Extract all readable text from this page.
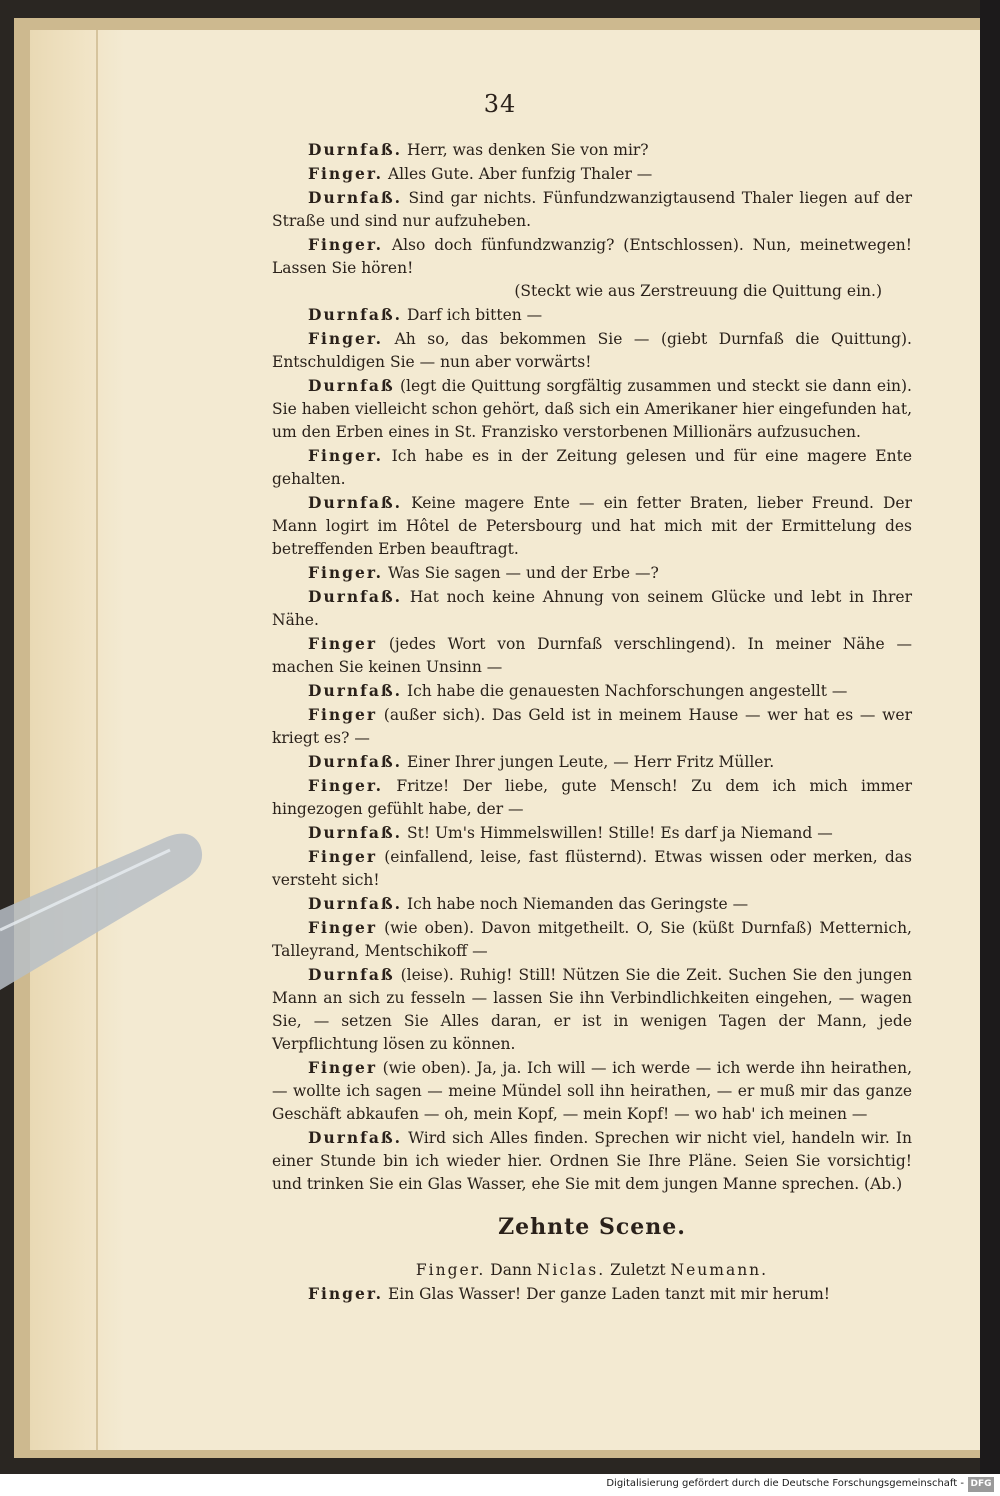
34

Durnfaß. Herr, was denken Sie von mir?

Finger. Alles Gute. Aber funfzig Thaler —

Durnfaß. Sind gar nichts. Fünfundzwanzigtausend Thaler liegen auf der Straße und sind nur aufzuheben.

Finger. Also doch fünfundzwanzig? (Entschlossen). Nun, meinetwegen! Lassen Sie hören!

(Steckt wie aus Zerstreuung die Quittung ein.)

Durnfaß. Darf ich bitten —

Finger. Ah so, das bekommen Sie — (giebt Durnfaß die Quittung). Entschuldigen Sie — nun aber vorwärts!

Durnfaß (legt die Quittung sorgfältig zusammen und steckt sie dann ein). Sie haben vielleicht schon gehört, daß sich ein Amerikaner hier eingefunden hat, um den Erben eines in St. Franzisko verstorbenen Millionärs aufzusuchen.

Finger. Ich habe es in der Zeitung gelesen und für eine magere Ente gehalten.

Durnfaß. Keine magere Ente — ein fetter Braten, lieber Freund. Der Mann logirt im Hôtel de Petersbourg und hat mich mit der Ermittelung des betreffenden Erben beauftragt.

Finger. Was Sie sagen — und der Erbe —?

Durnfaß. Hat noch keine Ahnung von seinem Glücke und lebt in Ihrer Nähe.

Finger (jedes Wort von Durnfaß verschlingend). In meiner Nähe — machen Sie keinen Unsinn —

Durnfaß. Ich habe die genauesten Nachforschungen angestellt —

Finger (außer sich). Das Geld ist in meinem Hause — wer hat es — wer kriegt es? —

Durnfaß. Einer Ihrer jungen Leute, — Herr Fritz Müller.

Finger. Fritze! Der liebe, gute Mensch! Zu dem ich mich immer hingezogen gefühlt habe, der —

Durnfaß. St! Um's Himmelswillen! Stille! Es darf ja Niemand —

Finger (einfallend, leise, fast flüsternd). Etwas wissen oder merken, das versteht sich!

Durnfaß. Ich habe noch Niemanden das Geringste —

Finger (wie oben). Davon mitgetheilt. O, Sie (küßt Durnfaß) Metternich, Talleyrand, Mentschikoff —

Durnfaß (leise). Ruhig! Still! Nützen Sie die Zeit. Suchen Sie den jungen Mann an sich zu fesseln — lassen Sie ihn Verbindlichkeiten eingehen, — wagen Sie, — setzen Sie Alles daran, er ist in wenigen Tagen der Mann, jede Verpflichtung lösen zu können.

Finger (wie oben). Ja, ja. Ich will — ich werde — ich werde ihn heirathen, — wollte ich sagen — meine Mündel soll ihn heirathen, — er muß mir das ganze Geschäft abkaufen — oh, mein Kopf, — mein Kopf! — wo hab' ich meinen —

Durnfaß. Wird sich Alles finden. Sprechen wir nicht viel, handeln wir. In einer Stunde bin ich wieder hier. Ordnen Sie Ihre Pläne. Seien Sie vorsichtig! und trinken Sie ein Glas Wasser, ehe Sie mit dem jungen Manne sprechen. (Ab.)

Zehnte Scene.

Finger. Dann Niclas. Zuletzt Neumann.

Finger. Ein Glas Wasser! Der ganze Laden tanzt mit mir herum!

Digitalisierung gefördert durch die Deutsche Forschungsgemeinschaft - DFG
